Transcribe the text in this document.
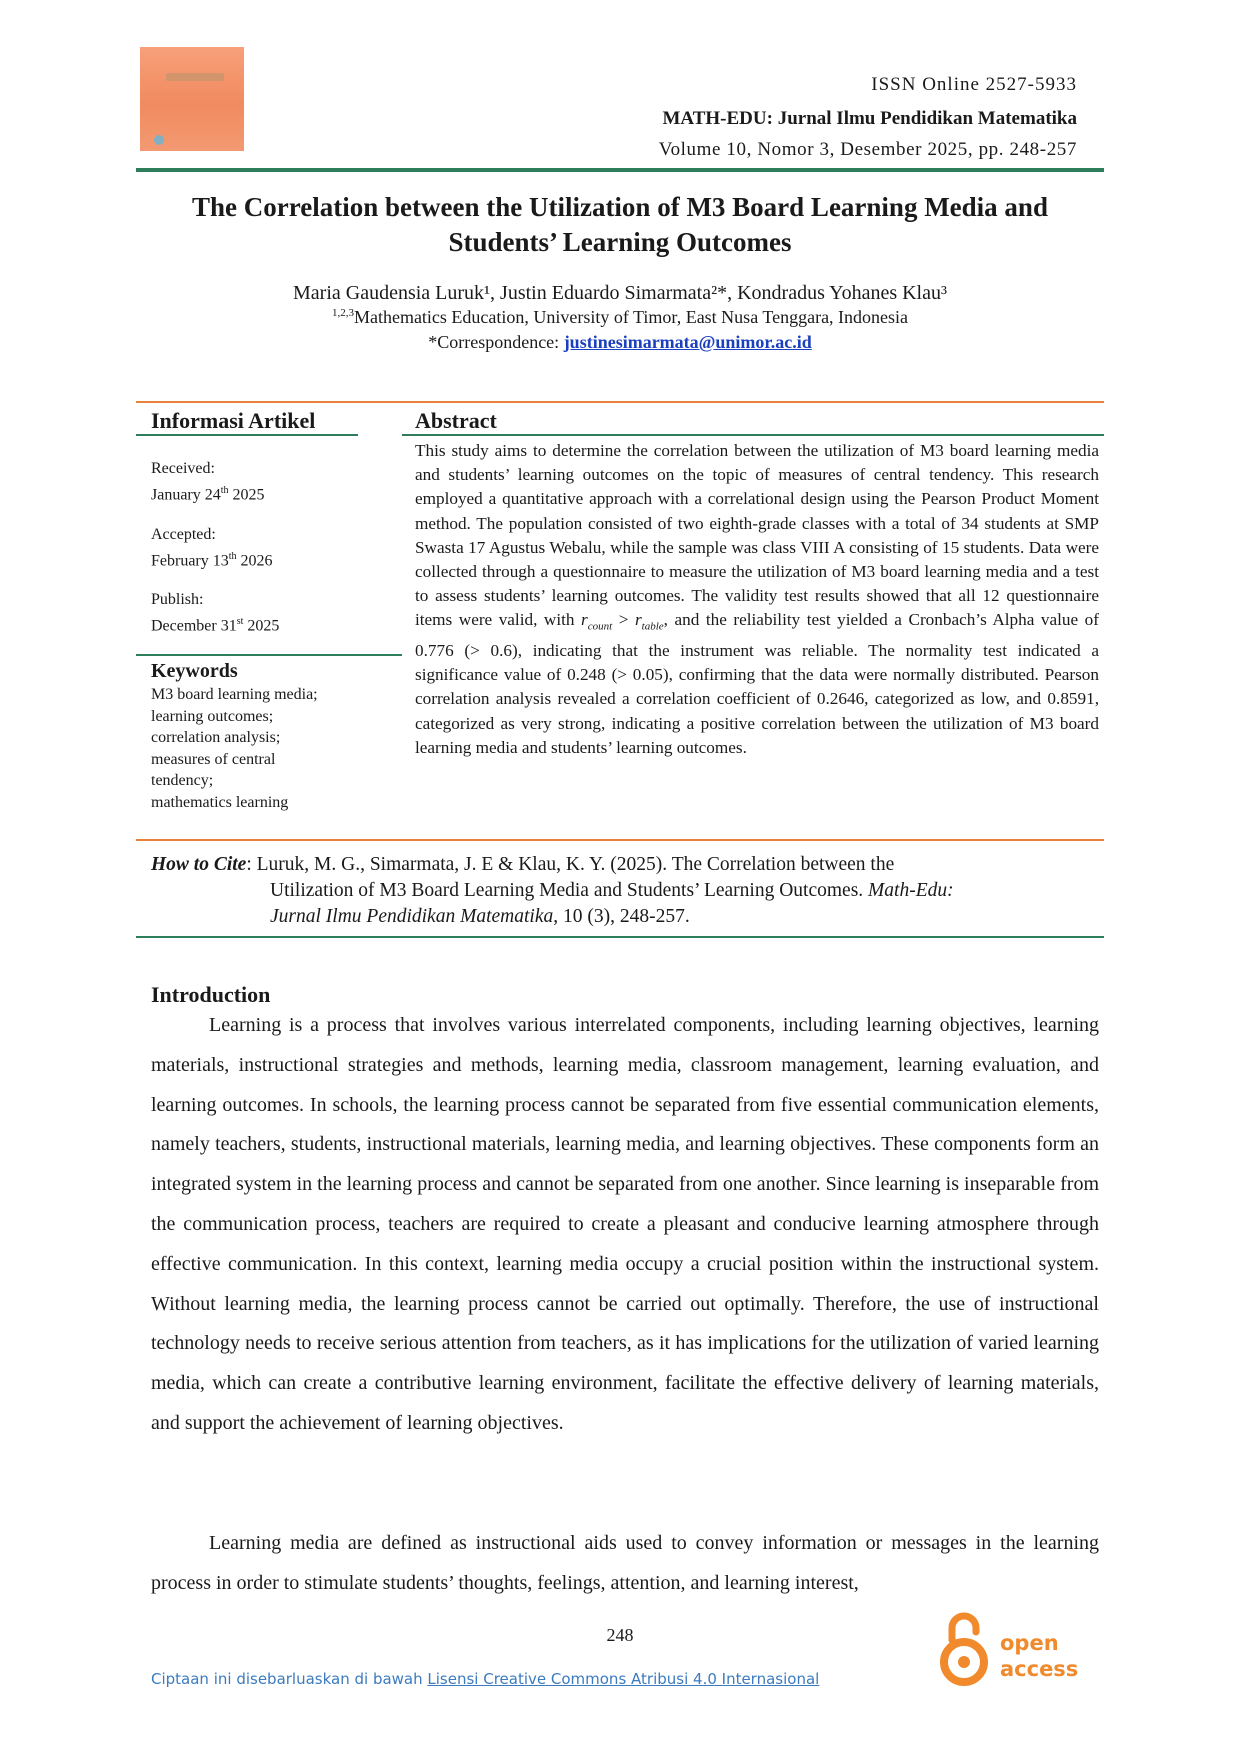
ISSN Online 2527-5933
MATH-EDU: Jurnal Ilmu Pendidikan Matematika
Volume 10, Nomor 3, Desember 2025, pp. 248-257
The Correlation between the Utilization of M3 Board Learning Media and
Students’ Learning Outcomes
Maria Gaudensia Luruk¹, Justin Eduardo Simarmata²*, Kondradus Yohanes Klau³
$^{1,2,3}$Mathematics Education, University of Timor, East Nusa Tenggara, Indonesia
*Correspondence: justinesimarmata@unimor.ac.id
Informasi Artikel	Abstract
Received:
January 24th 2025
Accepted:
February 13th 2026
Publish:
December 31st 2025
Keywords
M3 board learning media;
learning outcomes;
correlation analysis;
measures of central
tendency;
mathematics learning
This study aims to determine the correlation between the utilization of M3 board learning media and students’ learning outcomes on the topic of measures of central tendency. This research employed a quantitative approach with a correlational design using the Pearson Product Moment method. The population consisted of two eighth-grade classes with a total of 34 students at SMP Swasta 17 Agustus Webalu, while the sample was class VIII A consisting of 15 students. Data were collected through a questionnaire to measure the utilization of M3 board learning media and a test to assess students’ learning outcomes. The validity test results showed that all 12 questionnaire items were valid, with $r_{count} > r_{table}$, and the reliability test yielded a Cronbach’s Alpha value of 0.776 (> 0.6), indicating that the instrument was reliable. The normality test indicated a significance value of 0.248 (> 0.05), confirming that the data were normally distributed. Pearson correlation analysis revealed a correlation coefficient of 0.2646, categorized as low, and 0.8591, categorized as very strong, indicating a positive correlation between the utilization of M3 board learning media and students’ learning outcomes.
How to Cite: Luruk, M. G., Simarmata, J. E & Klau, K. Y. (2025). The Correlation between the
Utilization of M3 Board Learning Media and Students’ Learning Outcomes. Math-Edu:
Jurnal Ilmu Pendidikan Matematika, 10 (3), 248-257.
Introduction
Learning is a process that involves various interrelated components, including learning objectives, learning materials, instructional strategies and methods, learning media, classroom management, learning evaluation, and learning outcomes. In schools, the learning process cannot be separated from five essential communication elements, namely teachers, students, instructional materials, learning media, and learning objectives. These components form an integrated system in the learning process and cannot be separated from one another. Since learning is inseparable from the communication process, teachers are required to create a pleasant and conducive learning atmosphere through effective communication. In this context, learning media occupy a crucial position within the instructional system. Without learning media, the learning process cannot be carried out optimally. Therefore, the use of instructional technology needs to receive serious attention from teachers, as it has implications for the utilization of varied learning media, which can create a contributive learning environment, facilitate the effective delivery of learning materials, and support the achievement of learning objectives.
Learning media are defined as instructional aids used to convey information or messages in the learning process in order to stimulate students’ thoughts, feelings, attention, and learning interest,
248
Ciptaan ini disebarluaskan di bawah Lisensi Creative Commons Atribusi 4.0 Internasional
open
access
